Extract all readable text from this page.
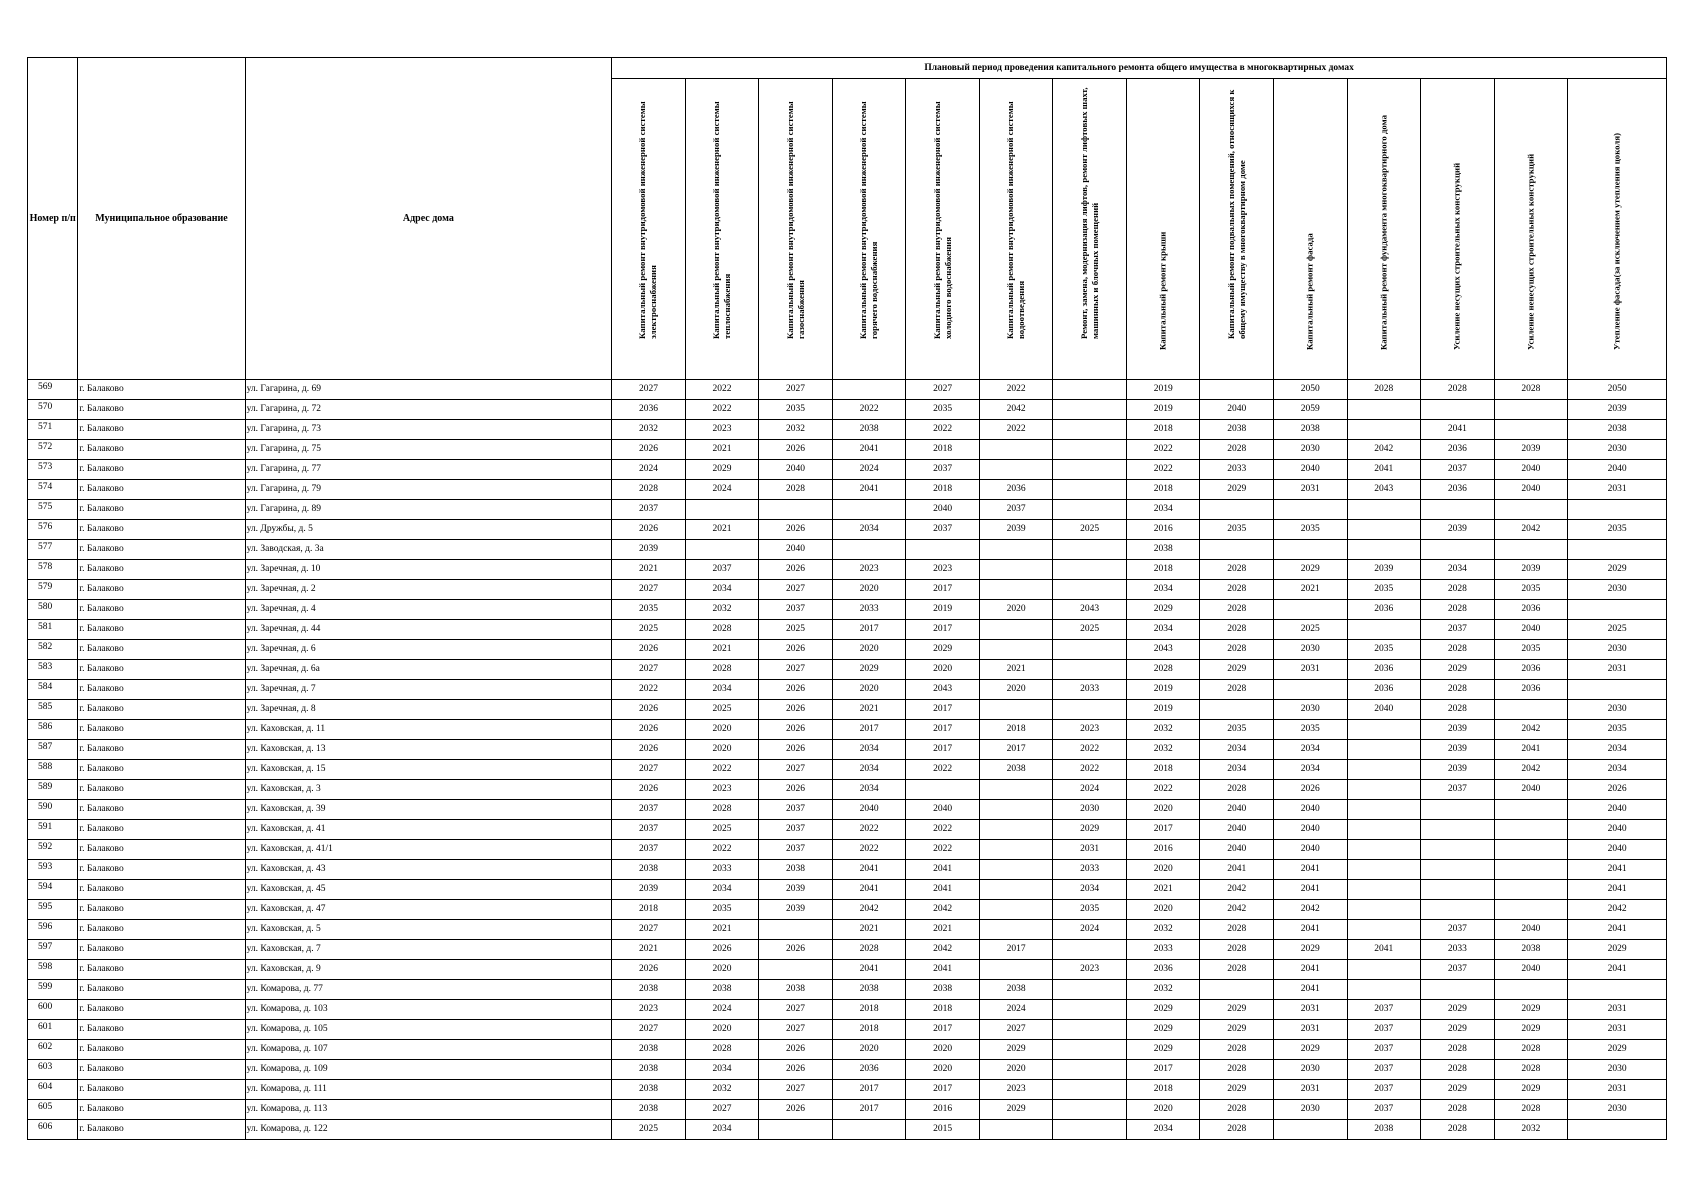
Номер п/п	Муниципальное образование	Адрес дома	Плановый период проведения капитального ремонта общего имущества в многоквартирных домах													

			Капитальный ремонт внутридомовой инженерной системы электроснабжения	Капитальный ремонт внутридомовой инженерной системы теплоснабжения	Капитальный ремонт внутридомовой инженерной системы газоснабжения	Капитальный ремонт внутридомовой инженерной системы горячего водоснабжения	Капитальный ремонт внутридомовой инженерной системы холодного водоснабжения	Капитальный ремонт внутридомовой инженерной системы водоотведения	Ремонт, замена, модернизация лифтов, ремонт лифтовых шахт, машинных и блочных помещений	Капитальный ремонт крыши	Капитальный ремонт подвальных помещений, относящихся к общему имуществу в многоквартирном доме	Капитальный ремонт фасада	Капитальный ремонт фундамента многоквартирного дома	Усиление несущих строительных конструкций	Усиление ненесущих строительных конструкций	Утепление фасада(за исключением утепления цоколя)

569	г. Балаково	ул. Гагарина, д. 69	2027	2022	2027		2027	2022		2019		2050	2028	2028	2028	2050
570	г. Балаково	ул. Гагарина, д. 72	2036	2022	2035	2022	2035	2042		2019	2040	2059				2039
571	г. Балаково	ул. Гагарина, д. 73	2032	2023	2032	2038	2022	2022		2018	2038	2038		2041		2038
572	г. Балаково	ул. Гагарина, д. 75	2026	2021	2026	2041	2018			2022	2028	2030	2042	2036	2039	2030
573	г. Балаково	ул. Гагарина, д. 77	2024	2029	2040	2024	2037			2022	2033	2040	2041	2037	2040	2040
574	г. Балаково	ул. Гагарина, д. 79	2028	2024	2028	2041	2018	2036		2018	2029	2031	2043	2036	2040	2031
575	г. Балаково	ул. Гагарина, д. 89	2037				2040	2037		2034						
576	г. Балаково	ул. Дружбы, д. 5	2026	2021	2026	2034	2037	2039	2025	2016	2035	2035		2039	2042	2035
577	г. Балаково	ул. Заводская, д. 3а	2039		2040					2038						
578	г. Балаково	ул. Заречная, д. 10	2021	2037	2026	2023	2023			2018	2028	2029	2039	2034	2039	2029
579	г. Балаково	ул. Заречная, д. 2	2027	2034	2027	2020	2017			2034	2028	2021	2035	2028	2035	2030
580	г. Балаково	ул. Заречная, д. 4	2035	2032	2037	2033	2019	2020	2043	2029	2028		2036	2028	2036	
581	г. Балаково	ул. Заречная, д. 44	2025	2028	2025	2017	2017		2025	2034	2028	2025		2037	2040	2025
582	г. Балаково	ул. Заречная, д. 6	2026	2021	2026	2020	2029			2043	2028	2030	2035	2028	2035	2030
583	г. Балаково	ул. Заречная, д. 6а	2027	2028	2027	2029	2020	2021		2028	2029	2031	2036	2029	2036	2031
584	г. Балаково	ул. Заречная, д. 7	2022	2034	2026	2020	2043	2020	2033	2019	2028		2036	2028	2036	
585	г. Балаково	ул. Заречная, д. 8	2026	2025	2026	2021	2017			2019		2030	2040	2028		2030
586	г. Балаково	ул. Каховская, д. 11	2026	2020	2026	2017	2017	2018	2023	2032	2035	2035		2039	2042	2035
587	г. Балаково	ул. Каховская, д. 13	2026	2020	2026	2034	2017	2017	2022	2032	2034	2034		2039	2041	2034
588	г. Балаково	ул. Каховская, д. 15	2027	2022	2027	2034	2022	2038	2022	2018	2034	2034		2039	2042	2034
589	г. Балаково	ул. Каховская, д. 3	2026	2023	2026	2034			2024	2022	2028	2026		2037	2040	2026
590	г. Балаково	ул. Каховская, д. 39	2037	2028	2037	2040	2040		2030	2020	2040	2040				2040
591	г. Балаково	ул. Каховская, д. 41	2037	2025	2037	2022	2022		2029	2017	2040	2040				2040
592	г. Балаково	ул. Каховская, д. 41/1	2037	2022	2037	2022	2022		2031	2016	2040	2040				2040
593	г. Балаково	ул. Каховская, д. 43	2038	2033	2038	2041	2041		2033	2020	2041	2041				2041
594	г. Балаково	ул. Каховская, д. 45	2039	2034	2039	2041	2041		2034	2021	2042	2041				2041
595	г. Балаково	ул. Каховская, д. 47	2018	2035	2039	2042	2042		2035	2020	2042	2042				2042
596	г. Балаково	ул. Каховская, д. 5	2027	2021		2021	2021		2024	2032	2028	2041		2037	2040	2041
597	г. Балаково	ул. Каховская, д. 7	2021	2026	2026	2028	2042	2017		2033	2028	2029	2041	2033	2038	2029
598	г. Балаково	ул. Каховская, д. 9	2026	2020		2041	2041		2023	2036	2028	2041		2037	2040	2041
599	г. Балаково	ул. Комарова, д. 77	2038	2038	2038	2038	2038	2038		2032		2041				
600	г. Балаково	ул. Комарова, д. 103	2023	2024	2027	2018	2018	2024		2029	2029	2031	2037	2029	2029	2031
601	г. Балаково	ул. Комарова, д. 105	2027	2020	2027	2018	2017	2027		2029	2029	2031	2037	2029	2029	2031
602	г. Балаково	ул. Комарова, д. 107	2038	2028	2026	2020	2020	2029		2029	2028	2029	2037	2028	2028	2029
603	г. Балаково	ул. Комарова, д. 109	2038	2034	2026	2036	2020	2020		2017	2028	2030	2037	2028	2028	2030
604	г. Балаково	ул. Комарова, д. 111	2038	2032	2027	2017	2017	2023		2018	2029	2031	2037	2029	2029	2031
605	г. Балаково	ул. Комарова, д. 113	2038	2027	2026	2017	2016	2029		2020	2028	2030	2037	2028	2028	2030
606	г. Балаково	ул. Комарова, д. 122	2025	2034			2015			2034	2028		2038	2028	2032	
